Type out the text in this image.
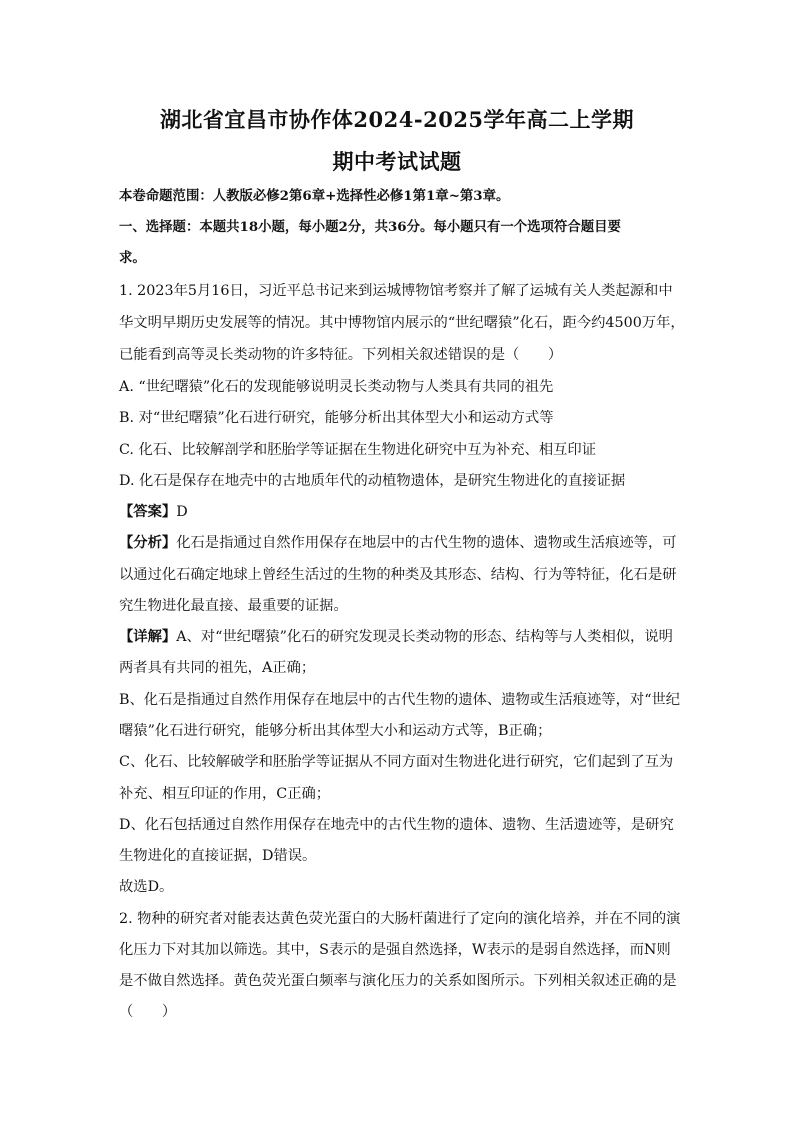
湖北省宜昌市协作体2024-2025学年高二上学期
期中考试试题
本卷命题范围：人教版必修2第6章+选择性必修1第1章~第3章。
一、选择题：本题共18小题，每小题2分，共36分。每小题只有一个选项符合题目要
求。
1. 2023年5月16日，习近平总书记来到运城博物馆考察并了解了运城有关人类起源和中
华文明早期历史发展等的情况。其中博物馆内展示的“世纪曙猿”化石，距今约4500万年，
已能看到高等灵长类动物的许多特征。下列相关叙述错误的是（　　）
A. “世纪曙猿”化石的发现能够说明灵长类动物与人类具有共同的祖先
B. 对“世纪曙猿”化石进行研究，能够分析出其体型大小和运动方式等
C. 化石、比较解剖学和胚胎学等证据在生物进化研究中互为补充、相互印证
D. 化石是保存在地壳中的古地质年代的动植物遗体，是研究生物进化的直接证据
【答案】D
【分析】化石是指通过自然作用保存在地层中的古代生物的遗体、遗物或生活痕迹等，可
以通过化石确定地球上曾经生活过的生物的种类及其形态、结构、行为等特征，化石是研
究生物进化最直接、最重要的证据。
【详解】A、对“世纪曙猿”化石的研究发现灵长类动物的形态、结构等与人类相似，说明
两者具有共同的祖先，A正确；
B、化石是指通过自然作用保存在地层中的古代生物的遗体、遗物或生活痕迹等，对“世纪
曙猿”化石进行研究，能够分析出其体型大小和运动方式等，B正确；
C、化石、比较解破学和胚胎学等证据从不同方面对生物进化进行研究，它们起到了互为
补充、相互印证的作用，C正确；
D、化石包括通过自然作用保存在地壳中的古代生物的遗体、遗物、生活遗迹等，是研究
生物进化的直接证据，D错误。
故选D。
2. 物种的研究者对能表达黄色荧光蛋白的大肠杆菌进行了定向的演化培养，并在不同的演
化压力下对其加以筛选。其中，S表示的是强自然选择，W表示的是弱自然选择，而N则
是不做自然选择。黄色荧光蛋白频率与演化压力的关系如图所示。下列相关叙述正确的是
（　　）
